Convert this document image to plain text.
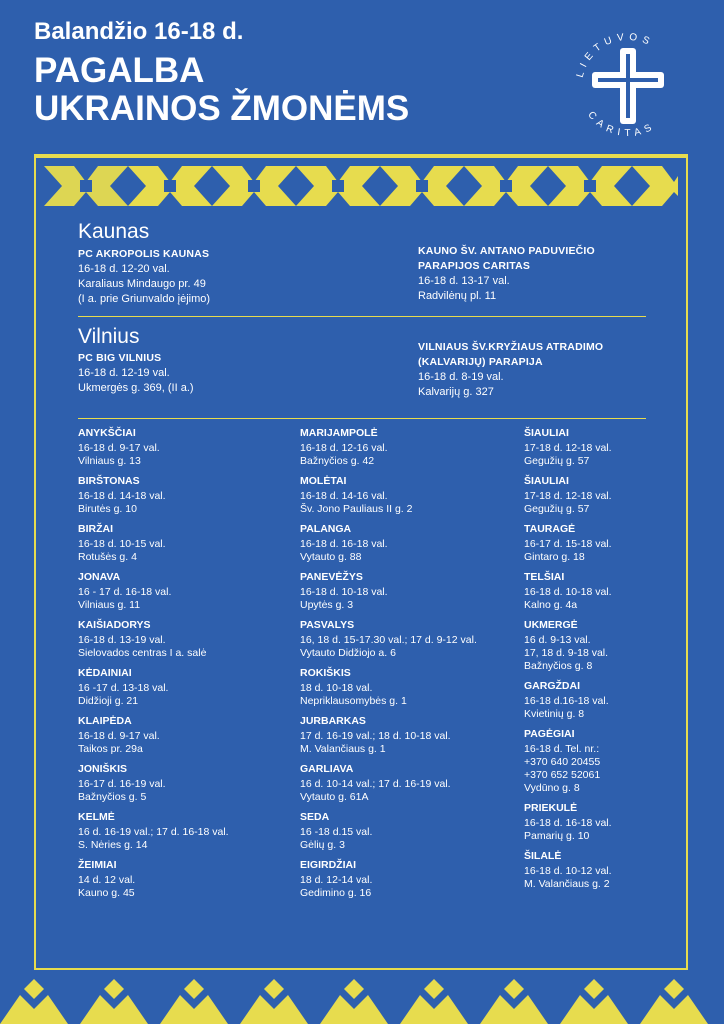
Balandžio 16-18 d.
PAGALBA
UKRAINOS ŽMONĖMS
LIETUVOS
CARITAS
Kaunas
PC AKROPOLIS KAUNAS
16-18 d. 12-20 val.
Karaliaus Mindaugo pr. 49
(I a. prie Griunvaldo įėjimo)
KAUNO ŠV. ANTANO PADUVIEČIO
PARAPIJOS CARITAS
16-18 d. 13-17 val.
Radvilėnų pl. 11
Vilnius
PC BIG VILNIUS
16-18 d. 12-19 val.
Ukmergės g. 369, (II a.)
VILNIAUS ŠV.KRYŽIAUS ATRADIMO
(KALVARIJŲ) PARAPIJA
16-18 d. 8-19 val.
Kalvarijų g. 327
ANYKŠČIAI
16-18 d. 9-17 val.
Vilniaus g. 13
BIRŠTONAS
16-18 d. 14-18 val.
Birutės g. 10
BIRŽAI
16-18 d. 10-15 val.
Rotušės g. 4
JONAVA
16 - 17 d. 16-18 val.
Vilniaus g. 11
KAIŠIADORYS
16-18 d. 13-19 val.
Sielovados centras I a. salė
KĖDAINIAI
16 -17 d. 13-18 val.
Didžioji g. 21
KLAIPĖDA
16-18 d. 9-17 val.
Taikos pr. 29a
JONIŠKIS
16-17 d. 16-19 val.
Bažnyčios g. 5
KELMĖ
16 d. 16-19 val.; 17 d. 16-18 val.
S. Nėries g. 14
ŽEIMIAI
14 d. 12 val.
Kauno g. 45
MARIJAMPOLĖ
16-18 d. 12-16 val.
Bažnyčios g. 42
MOLĖTAI
16-18 d. 14-16 val.
Šv. Jono Pauliaus II g. 2
PALANGA
16-18 d. 16-18 val.
Vytauto g. 88
PANEVĖŽYS
16-18 d. 10-18 val.
Upytės g. 3
PASVALYS
16, 18 d. 15-17.30 val.; 17 d. 9-12 val.
Vytauto Didžiojo a. 6
ROKIŠKIS
18 d. 10-18 val.
Nepriklausomybės g. 1
JURBARKAS
17 d. 16-19 val.; 18 d. 10-18 val.
M. Valančiaus g. 1
GARLIAVA
16 d. 10-14 val.; 17 d. 16-19 val.
Vytauto g. 61A
SEDA
16 -18 d.15 val.
Gėlių g. 3
EIGIRDŽIAI
18 d. 12-14 val.
Gedimino g. 16
ŠIAULIAI
17-18 d. 12-18 val.
Gegužių g. 57
ŠIAULIAI
17-18 d. 12-18 val.
Gegužių g. 57
TAURAGĖ
16-17 d. 15-18 val.
Gintaro g. 18
TELŠIAI
16-18 d. 10-18 val.
Kalno g. 4a
UKMERGĖ
16 d. 9-13 val.
17, 18 d. 9-18 val.
Bažnyčios g. 8
GARGŽDAI
16-18 d.16-18 val.
Kvietinių g. 8
PAGĖGIAI
16-18 d. Tel. nr.:
+370 640 20455
+370 652 52061
Vydūno g. 8
PRIEKULĖ
16-18 d. 16-18 val.
Pamarių g. 10
ŠILALĖ
16-18 d. 10-12 val.
M. Valančiaus g. 2
